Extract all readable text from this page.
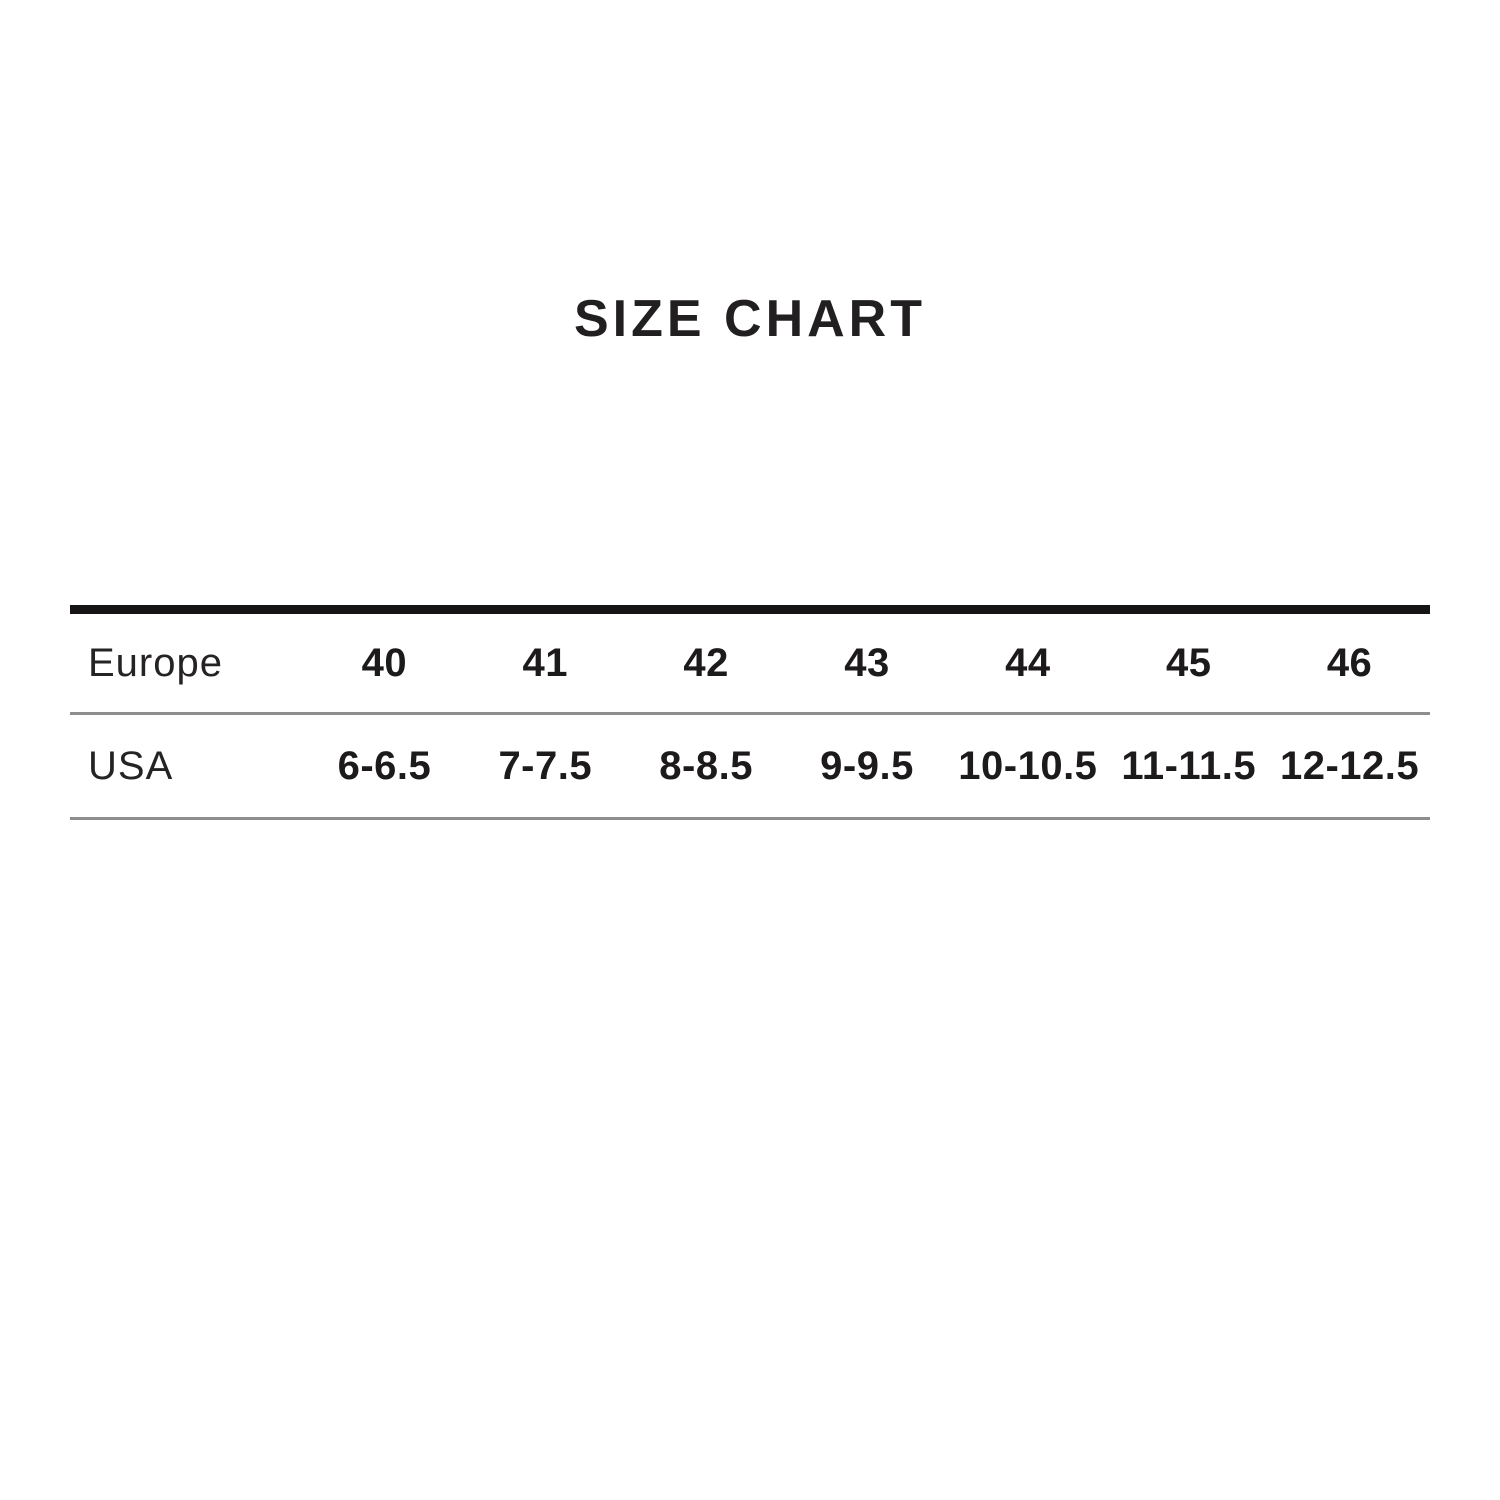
SIZE CHART
Europe	40	41	42	43	44	45	46
USA	6-6.5	7-7.5	8-8.5	9-9.5	10-10.5 11-11.5 12-12.5
